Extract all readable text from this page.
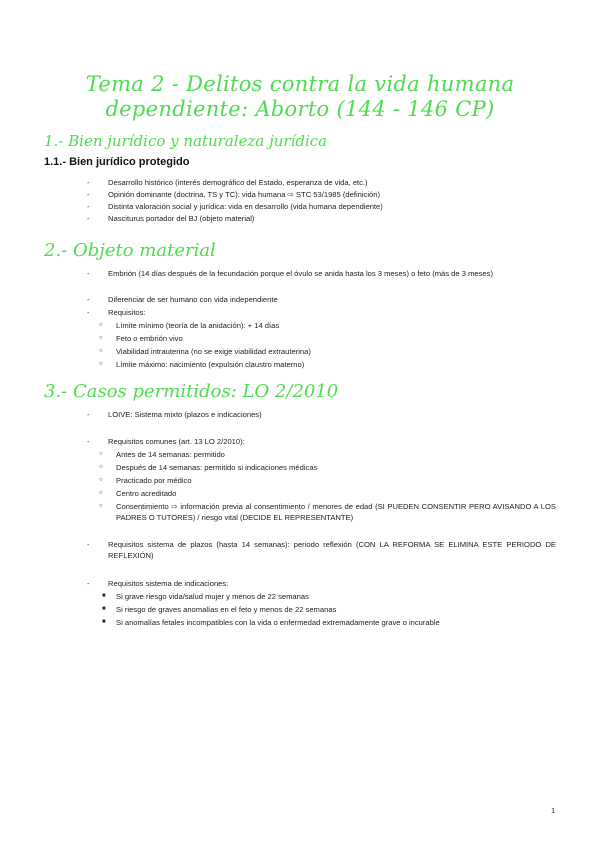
Tema 2 - Delitos contra la vida humana
dependiente: Aborto (144 - 146 CP)
1.- Bien jurídico y naturaleza jurídica
1.1.- Bien jurídico protegido
- Desarrollo histórico (interés demográfico del Estado, esperanza de vida, etc.)
- Opinión dominante (doctrina, TS y TC): vida humana ⇨ STC 53/1985 (definición)
- Distinta valoración social y jurídica: vida en desarrollo (vida humana dependiente)
- Nasciturus portador del BJ (objeto material)
2.- Objeto material
- Embrión (14 días después de la fecundación porque el óvulo se anida hasta los 3 meses) o feto (más de 3 meses)
- Diferenciar de ser humano con vida independiente
- Requisitos:
○ Límite mínimo (teoría de la anidación): + 14 días
○ Feto o embrión vivo
○ Viabilidad intrauterina (no se exige viabilidad extrauterina)
○ Límite máximo: nacimiento (expulsión claustro materno)
3.- Casos permitidos: LO 2/2010
- LOIVE: Sistema mixto (plazos e indicaciones)
- Requisitos comunes (art. 13 LO 2/2010):
○ Antes de 14 semanas: permitido
○ Después de 14 semanas: permitido si indicaciones médicas
○ Practicado por médico
○ Centro acreditado
○ Consentimiento ⇨ información previa al consentimiento / menores de edad (SI PUEDEN CONSENTIR PERO AVISANDO A LOS PADRES O TUTORES) / riesgo vital (DECIDE EL REPRESENTANTE)
- Requisitos sistema de plazos (hasta 14 semanas): periodo reflexión (CON LA REFORMA SE ELIMINA ESTE PERIODO DE REFLEXIÓN)
- Requisitos sistema de indicaciones:
■ Si grave riesgo vida/salud mujer y menos de 22 semanas
■ Si riesgo de graves anomalías en el feto y menos de 22 semanas
■ Si anomalías fetales incompatibles con la vida o enfermedad extremadamente grave o incurable
1
